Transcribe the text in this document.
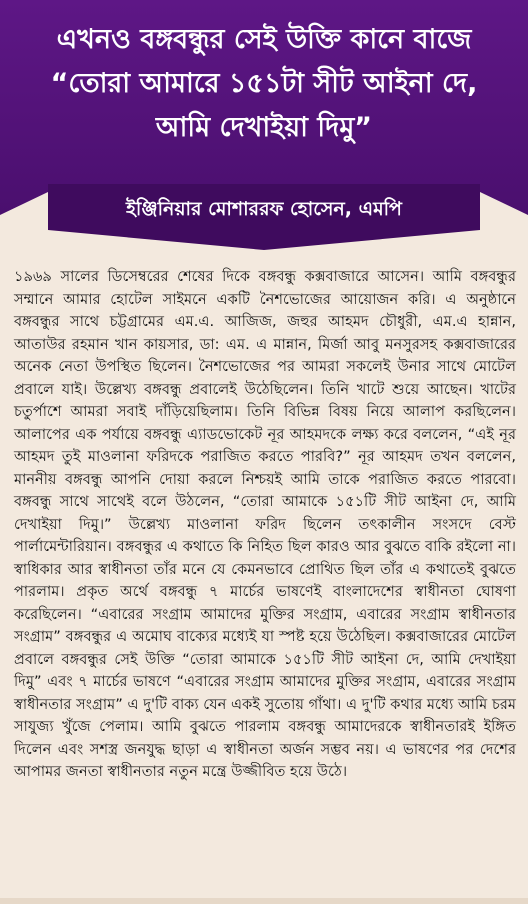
এখনও বঙ্গবন্ধুর সেই উক্তি কানে বাজে
“তোরা আমারে ১৫১টা সীট আইনা দে,
আমি দেখাইয়া দিমু”
ইঞ্জিনিয়ার মোশাররফ হোসেন, এমপি
১৯৬৯ সালের ডিসেম্বরের শেষের দিকে বঙ্গবন্ধু কক্সবাজারে আসেন। আমি বঙ্গবন্ধুর সম্মানে আমার হোটেল সাইমনে একটি নৈশভোজের আয়োজন করি। এ অনুষ্ঠানে বঙ্গবন্ধুর সাথে চট্টগ্রামের এম.এ. আজিজ, জহুর আহমদ চৌধুরী, এম.এ হান্নান, আতাউর রহমান খান কায়সার, ডা: এম. এ মান্নান, মির্জা আবু মনসুরসহ কক্সবাজারের অনেক নেতা উপস্থিত ছিলেন। নৈশভোজের পর আমরা সকলেই উনার সাথে মোটেল প্রবালে যাই। উল্লেখ্য বঙ্গবন্ধু প্রবালেই উঠেছিলেন। তিনি খাটে শুয়ে আছেন। খাটের চতুর্পাশে আমরা সবাই দাঁড়িয়েছিলাম। তিনি বিভিন্ন বিষয় নিয়ে আলাপ করছিলেন। আলাপের এক পর্যায়ে বঙ্গবন্ধু এ্যাডভোকেট নূর আহমদকে লক্ষ্য করে বললেন, “এই নূর আহমদ তুই মাওলানা ফরিদকে পরাজিত করতে পারবি?” নূর আহমদ তখন বললেন, মাননীয় বঙ্গবন্ধু আপনি দোয়া করলে নিশ্চয়ই আমি তাকে পরাজিত করতে পারবো। বঙ্গবন্ধু সাথে সাথেই বলে উঠলেন, “তোরা আমাকে ১৫১টি সীট আইনা দে, আমি দেখাইয়া দিমু।” উল্লেখ্য মাওলানা ফরিদ ছিলেন তৎকালীন সংসদে বেস্ট পার্লামেন্টারিয়ান। বঙ্গবন্ধুর এ কথাতে কি নিহিত ছিল কারও আর বুঝতে বাকি রইলো না। স্বাধিকার আর স্বাধীনতা তাঁর মনে যে কেমনভাবে প্রোথিত ছিল তাঁর এ কথাতেই বুঝতে পারলাম। প্রকৃত অর্থে বঙ্গবন্ধু ৭ মার্চের ভাষণেই বাংলাদেশের স্বাধীনতা ঘোষণা করেছিলেন। “এবারের সংগ্রাম আমাদের মুক্তির সংগ্রাম, এবারের সংগ্রাম স্বাধীনতার সংগ্রাম” বঙ্গবন্ধুর এ অমোঘ বাক্যের মধ্যেই যা স্পষ্ট হয়ে উঠেছিল। কক্সবাজারের মোটেল প্রবালে বঙ্গবন্ধুর সেই উক্তি “তোরা আমাকে ১৫১টি সীট আইনা দে, আমি দেখাইয়া দিমু” এবং ৭ মার্চের ভাষণে “এবারের সংগ্রাম আমাদের মুক্তির সংগ্রাম, এবারের সংগ্রাম স্বাধীনতার সংগ্রাম” এ দু'টি বাক্য যেন একই সুতোয় গাঁথা। এ দু'টি কথার মধ্যে আমি চরম সাযুজ্য খুঁজে পেলাম। আমি বুঝতে পারলাম বঙ্গবন্ধু আমাদেরকে স্বাধীনতারই ইঙ্গিত দিলেন এবং সশস্ত্র জনযুদ্ধ ছাড়া এ স্বাধীনতা অর্জন সম্ভব নয়। এ ভাষণের পর দেশের আপামর জনতা স্বাধীনতার নতুন মন্ত্রে উজ্জীবিত হয়ে উঠে।
